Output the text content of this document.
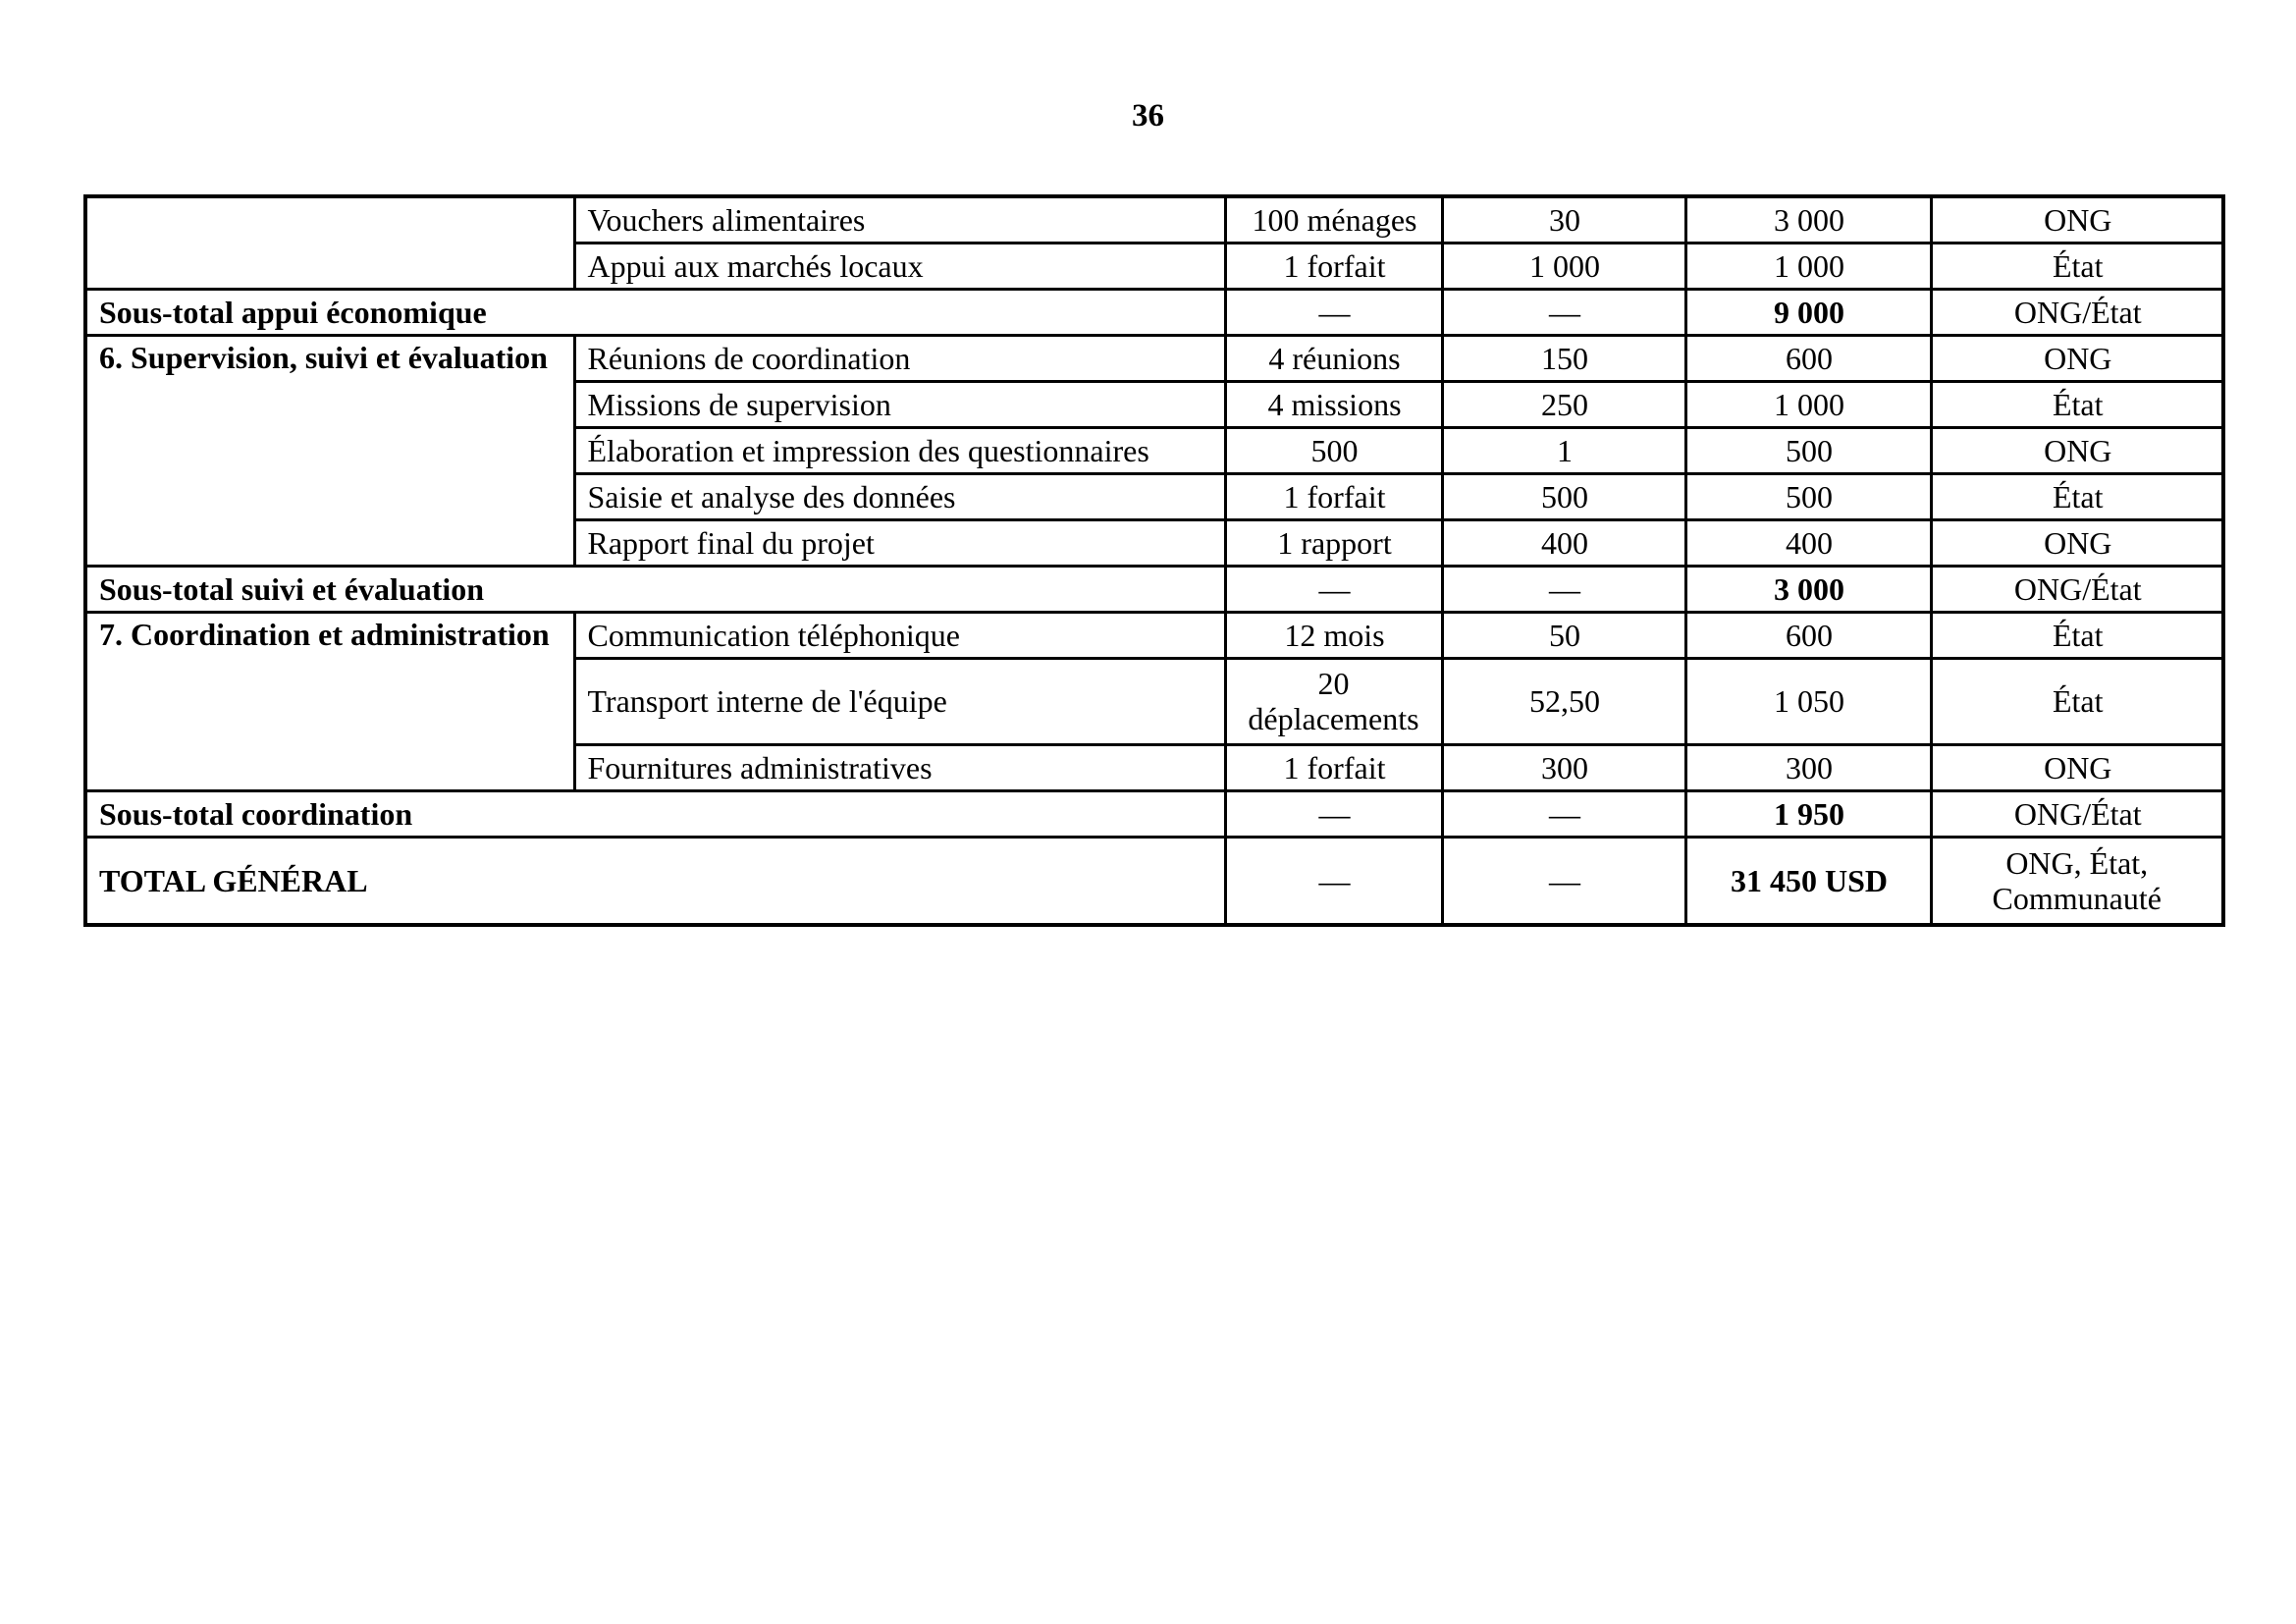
36
	Vouchers alimentaires	100 ménages	30	3 000	ONG
	Appui aux marchés locaux	1 forfait	1 000	1 000	État
Sous-total appui économique		—	—	9 000	ONG/État
6. Supervision, suivi et évaluation	Réunions de coordination	4 réunions	150	600	ONG
	Missions de supervision	4 missions	250	1 000	État
	Élaboration et impression des questionnaires	500	1	500	ONG
	Saisie et analyse des données	1 forfait	500	500	État
	Rapport final du projet	1 rapport	400	400	ONG
Sous-total suivi et évaluation		—	—	3 000	ONG/État
7. Coordination et administration	Communication téléphonique	12 mois	50	600	État
	Transport interne de l'équipe	20 déplacements	52,50	1 050	État
	Fournitures administratives	1 forfait	300	300	ONG
Sous-total coordination		—	—	1 950	ONG/État
TOTAL GÉNÉRAL		—	—	31 450 USD	ONG, État, Communauté
